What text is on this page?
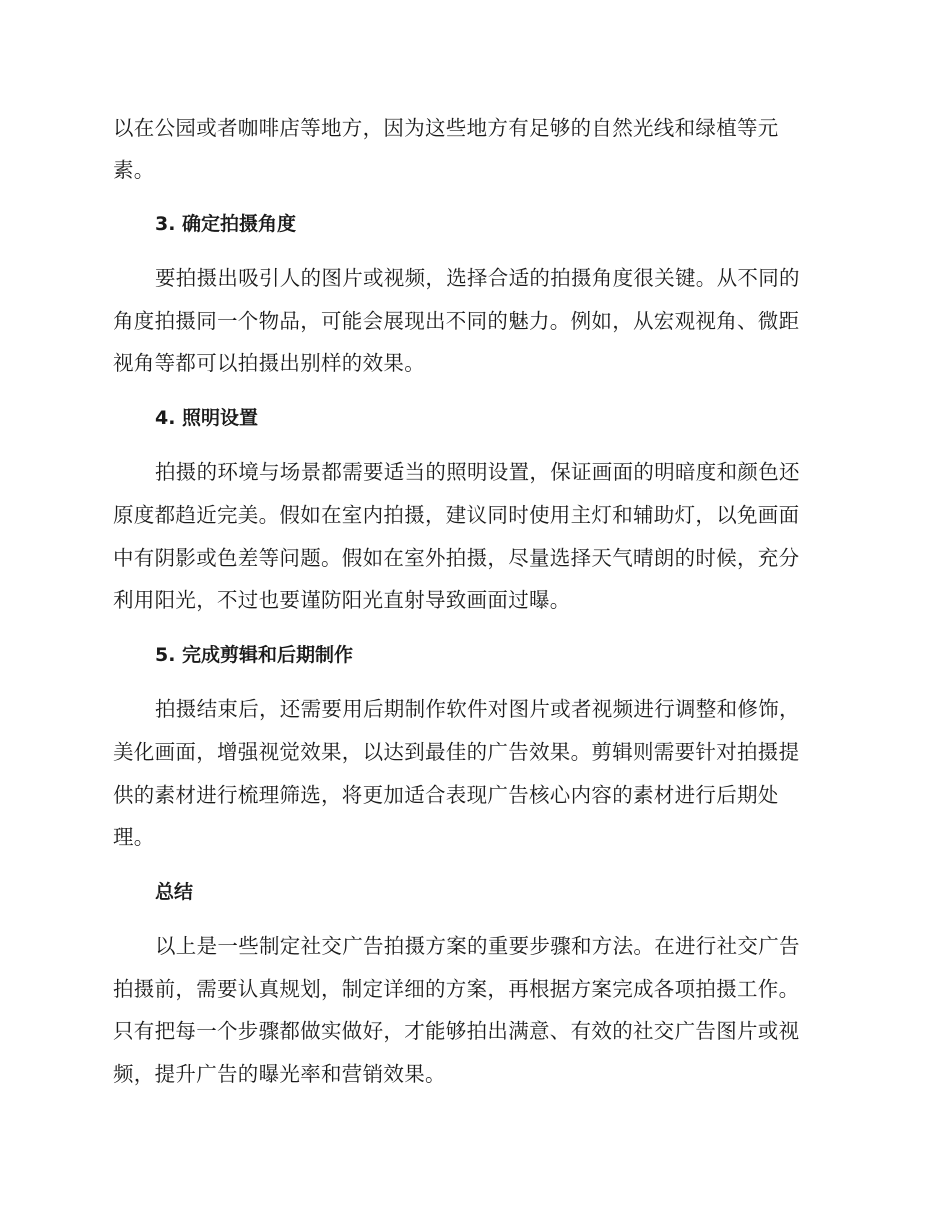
以在公园或者咖啡店等地方，因为这些地方有足够的自然光线和绿植等元
素。
3. 确定拍摄角度
要拍摄出吸引人的图片或视频，选择合适的拍摄角度很关键。从不同的
角度拍摄同一个物品，可能会展现出不同的魅力。例如，从宏观视角、微距
视角等都可以拍摄出别样的效果。
4. 照明设置
拍摄的环境与场景都需要适当的照明设置，保证画面的明暗度和颜色还
原度都趋近完美。假如在室内拍摄，建议同时使用主灯和辅助灯，以免画面
中有阴影或色差等问题。假如在室外拍摄，尽量选择天气晴朗的时候，充分
利用阳光，不过也要谨防阳光直射导致画面过曝。
5. 完成剪辑和后期制作
拍摄结束后，还需要用后期制作软件对图片或者视频进行调整和修饰，
美化画面，增强视觉效果，以达到最佳的广告效果。剪辑则需要针对拍摄提
供的素材进行梳理筛选，将更加适合表现广告核心内容的素材进行后期处
理。
总结
以上是一些制定社交广告拍摄方案的重要步骤和方法。在进行社交广告
拍摄前，需要认真规划，制定详细的方案，再根据方案完成各项拍摄工作。
只有把每一个步骤都做实做好，才能够拍出满意、有效的社交广告图片或视
频，提升广告的曝光率和营销效果。
